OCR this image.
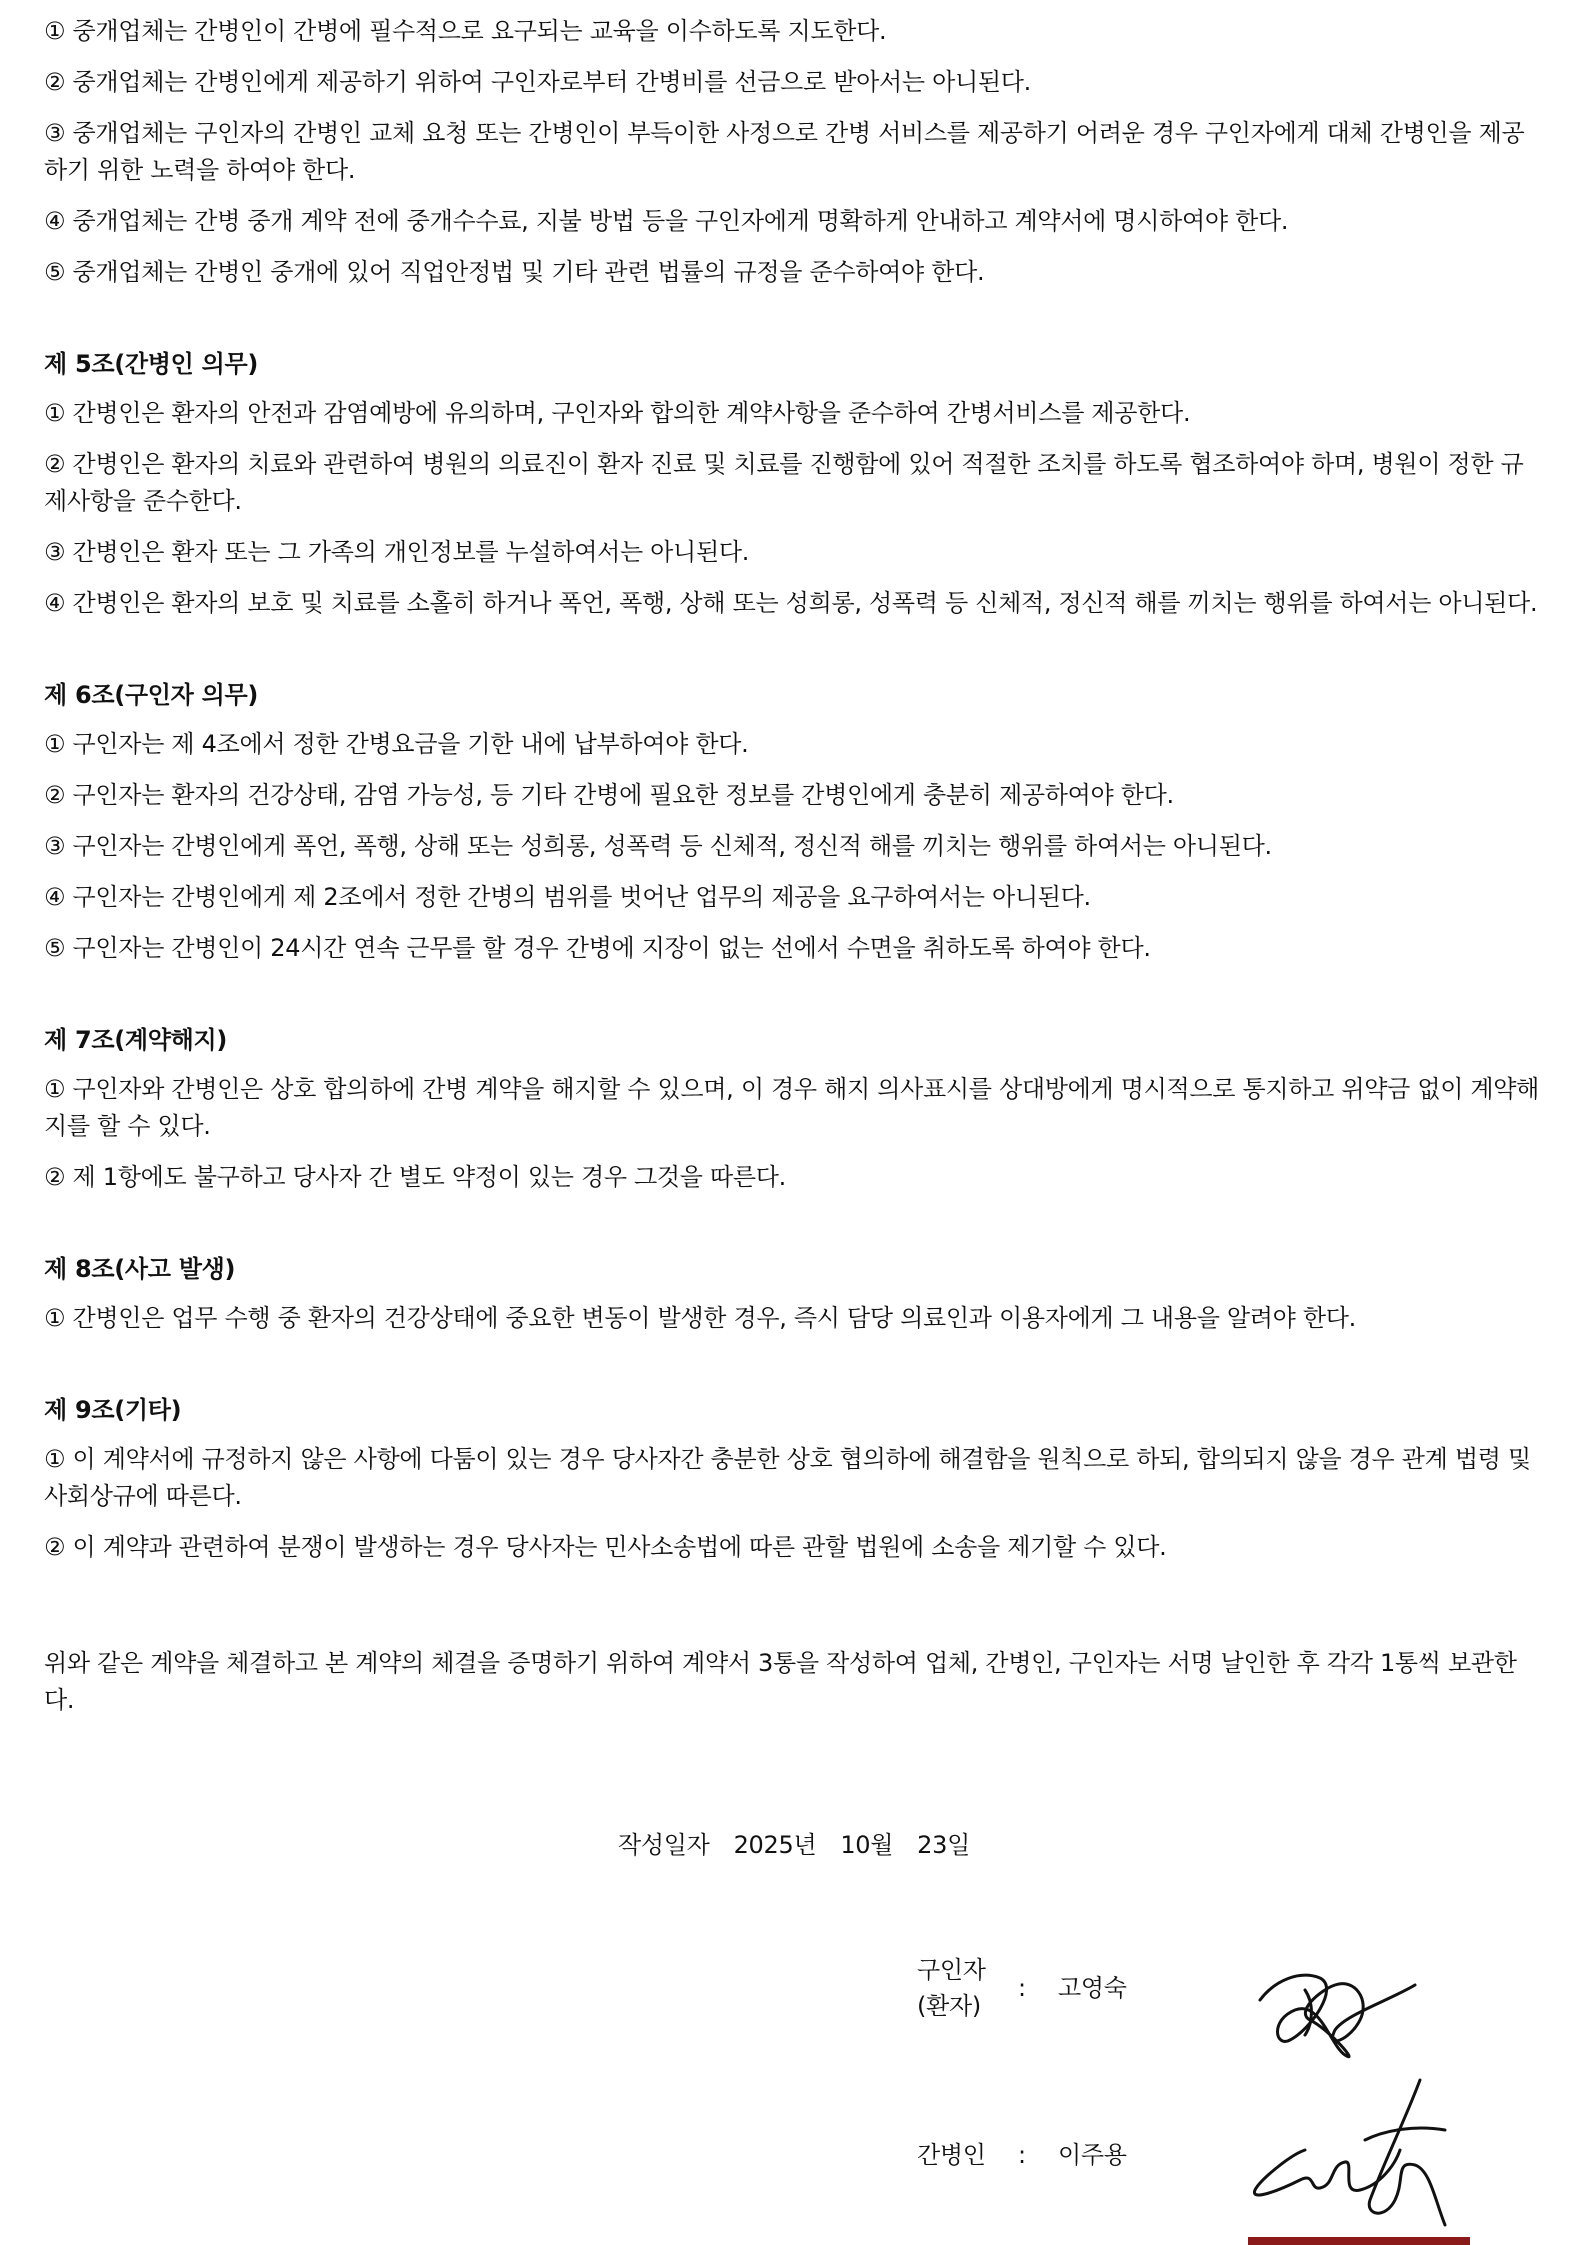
① 중개업체는 간병인이 간병에 필수적으로 요구되는 교육을 이수하도록 지도한다.

② 중개업체는 간병인에게 제공하기 위하여 구인자로부터 간병비를 선금으로 받아서는 아니된다.

③ 중개업체는 구인자의 간병인 교체 요청 또는 간병인이 부득이한 사정으로 간병 서비스를 제공하기 어려운 경우 구인자에게 대체 간병인을 제공하기 위한 노력을 하여야 한다.

④ 중개업체는 간병 중개 계약 전에 중개수수료, 지불 방법 등을 구인자에게 명확하게 안내하고 계약서에 명시하여야 한다.

⑤ 중개업체는 간병인 중개에 있어 직업안정법 및 기타 관련 법률의 규정을 준수하여야 한다.

제 5조(간병인 의무)

① 간병인은 환자의 안전과 감염예방에 유의하며, 구인자와 합의한 계약사항을 준수하여 간병서비스를 제공한다.

② 간병인은 환자의 치료와 관련하여 병원의 의료진이 환자 진료 및 치료를 진행함에 있어 적절한 조치를 하도록 협조하여야 하며, 병원이 정한 규제사항을 준수한다.

③ 간병인은 환자 또는 그 가족의 개인정보를 누설하여서는 아니된다.

④ 간병인은 환자의 보호 및 치료를 소홀히 하거나 폭언, 폭행, 상해 또는 성희롱, 성폭력 등 신체적, 정신적 해를 끼치는 행위를 하여서는 아니된다.

제 6조(구인자 의무)

① 구인자는 제 4조에서 정한 간병요금을 기한 내에 납부하여야 한다.

② 구인자는 환자의 건강상태, 감염 가능성, 등 기타 간병에 필요한 정보를 간병인에게 충분히 제공하여야 한다.

③ 구인자는 간병인에게 폭언, 폭행, 상해 또는 성희롱, 성폭력 등 신체적, 정신적 해를 끼치는 행위를 하여서는 아니된다.

④ 구인자는 간병인에게 제 2조에서 정한 간병의 범위를 벗어난 업무의 제공을 요구하여서는 아니된다.

⑤ 구인자는 간병인이 24시간 연속 근무를 할 경우 간병에 지장이 없는 선에서 수면을 취하도록 하여야 한다.

제 7조(계약해지)

① 구인자와 간병인은 상호 합의하에 간병 계약을 해지할 수 있으며, 이 경우 해지 의사표시를 상대방에게 명시적으로 통지하고 위약금 없이 계약해지를 할 수 있다.

② 제 1항에도 불구하고 당사자 간 별도 약정이 있는 경우 그것을 따른다.

제 8조(사고 발생)

① 간병인은 업무 수행 중 환자의 건강상태에 중요한 변동이 발생한 경우, 즉시 담당 의료인과 이용자에게 그 내용을 알려야 한다.

제 9조(기타)

① 이 계약서에 규정하지 않은 사항에 다툼이 있는 경우 당사자간 충분한 상호 협의하에 해결함을 원칙으로 하되, 합의되지 않을 경우 관계 법령 및 사회상규에 따른다.

② 이 계약과 관련하여 분쟁이 발생하는 경우 당사자는 민사소송법에 따른 관할 법원에 소송을 제기할 수 있다.

위와 같은 계약을 체결하고 본 계약의 체결을 증명하기 위하여 계약서 3통을 작성하여 업체, 간병인, 구인자는 서명 날인한 후 각각 1통씩 보관한다.

작성일자 2025년 10월 23일
구인자
(환자)
: 고영숙
간병인 : 이주용
